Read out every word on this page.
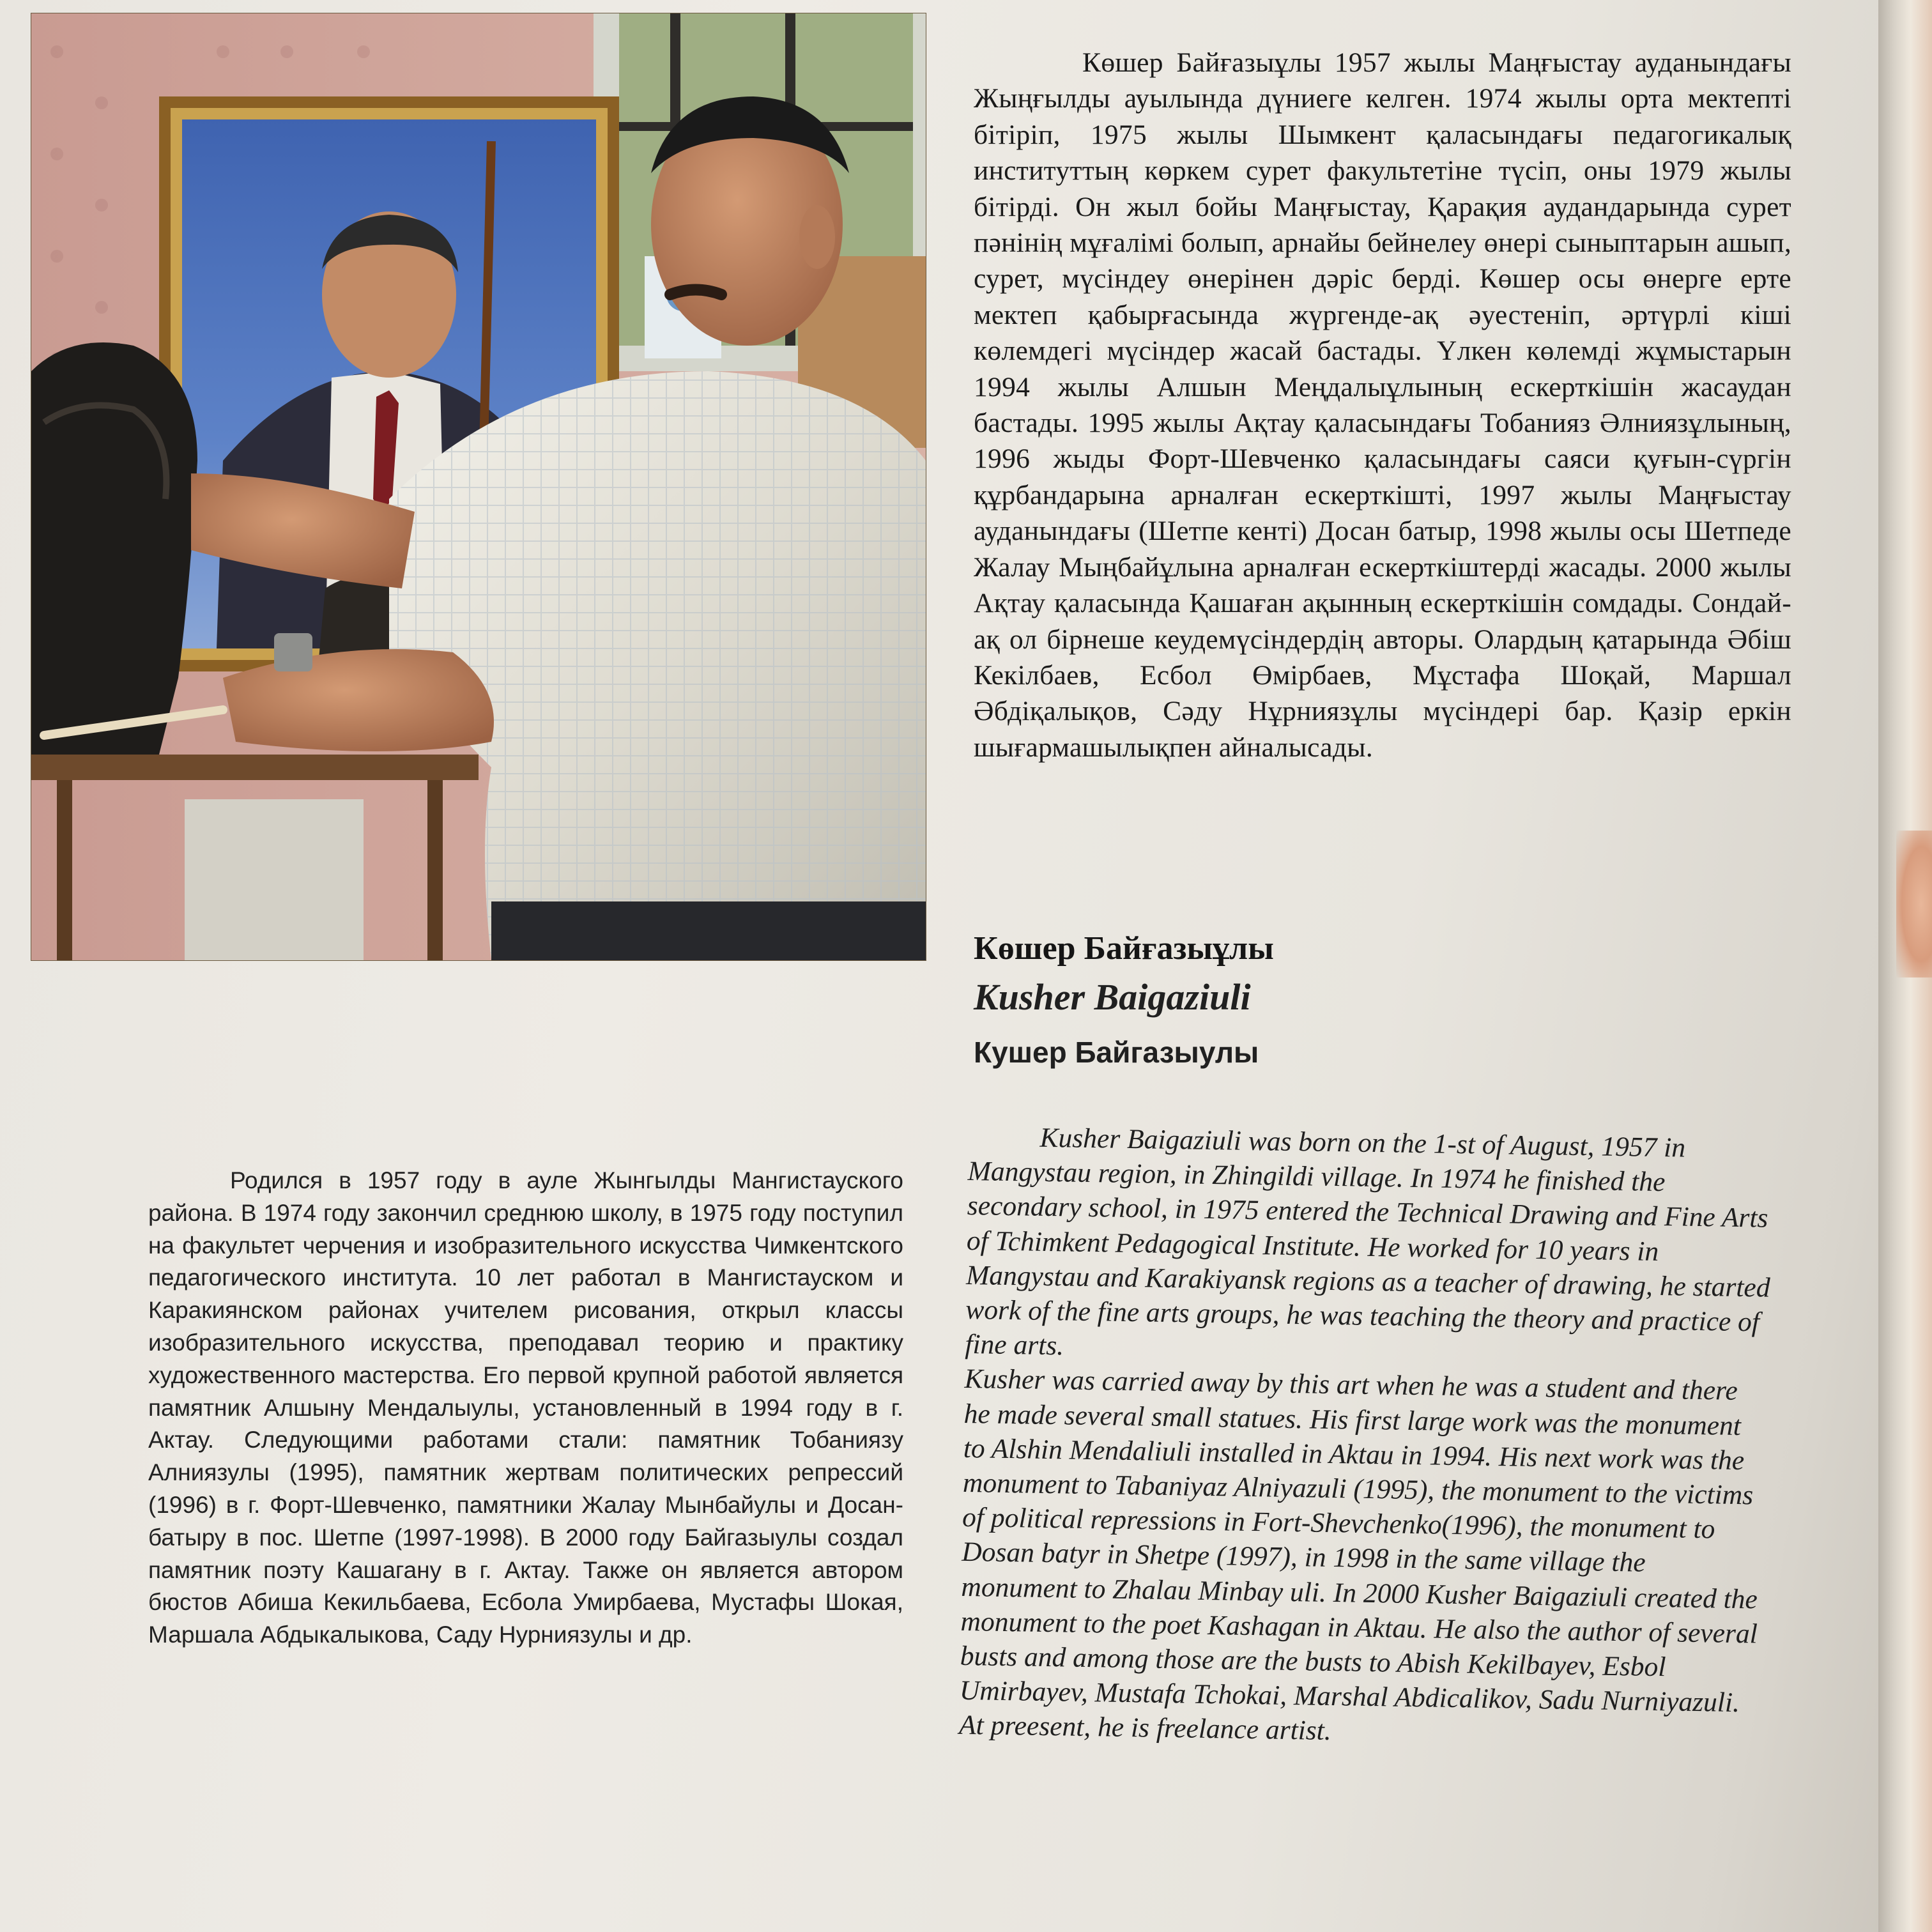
Көшер Байғазыұлы 1957 жылы Маңғыстау ауданындағы Жыңғылды ауылында дүниеге келген. 1974 жылы орта мектепті бітіріп, 1975 жылы Шымкент қаласындағы педагогикалық институттың көркем сурет факультетіне түсіп, оны 1979 жылы бітірді. Он жыл бойы Маңғыстау, Қарақия аудандарында сурет пәнінің мұғалімі болып, арнайы бейнелеу өнері сыныптарын ашып, сурет, мүсіндеу өнерінен дәріс берді. Көшер осы өнерге ерте мектеп қабырғасында жүргенде-ақ әуестеніп, әртүрлі кіші көлемдегі мүсіндер жасай бастады. Үлкен көлемді жұмыстарын 1994 жылы Алшын Меңдалыұлының ескерткішін жасаудан бастады. 1995 жылы Ақтау қаласындағы Тобанияз Әлниязұлының, 1996 жыды Форт-Шевченко қаласындағы саяси қуғын-сүргін құрбандарына арналған ескерткішті, 1997 жылы Маңғыстау ауданындағы (Шетпе кенті) Досан батыр, 1998 жылы осы Шетпеде Жалау Мыңбайұлына арналған ескерткіштерді жасады. 2000 жылы Ақтау қаласында Қашаған ақынның ескерткішін сомдады. Сондай-ақ ол бірнеше кеудемүсіндердің авторы. Олардың қатарында Әбіш Кекілбаев, Есбол Өмірбаев, Мұстафа Шоқай, Маршал Әбдіқалықов, Сәду Нұрниязұлы мүсіндері бар. Қазір еркін шығармашылықпен айналысады.
Көшер Байғазыұлы
Kusher Baigaziuli
Кушер Байгазыулы
Родился в 1957 году в ауле Жынгылды Мангистауского района. В 1974 году закончил среднюю школу, в 1975 году поступил на факультет черчения и изобразительного искусства Чимкентского педагогического института. 10 лет работал в Мангистауском и Каракиянском районах учителем рисования, открыл классы изобразительного искусства, преподавал теорию и практику художественного мастерства. Его первой крупной работой является памятник Алшыну Мендалыулы, установленный в 1994 году в г. Актау. Следующими работами стали: памятник Тобаниязу Алниязулы (1995), памятник жертвам политических репрессий (1996) в г. Форт-Шевченко, памятники Жалау Мынбайулы и Досан-батыру в пос. Шетпе (1997-1998). В 2000 году Байгазыулы создал памятник поэту Кашагану в г. Актау. Также он является автором бюстов Абиша Кекильбаева, Есбола Умирбаева, Мустафы Шокая, Маршала Абдыкалыкова, Саду Нурниязулы и др.
Kusher Baigaziuli was born on the 1-st of August, 1957 in Mangystau region, in Zhingildi village. In 1974 he finished the secondary school, in 1975 entered the Technical Drawing and Fine Arts of Tchimkent Pedagogical Institute. He worked for 10 years in Mangystau and Karakiyansk regions as a teacher of drawing, he started work of the fine arts groups, he was teaching the theory and practice of fine arts.
Kusher was carried away by this art when he was a student and there he made several small statues. His first large work was the monument to Alshin Mendaliuli installed in Aktau in 1994. His next work was the monument to Tabaniyaz Alniyazuli (1995), the monument to the victims of political repressions in Fort-Shevchenko(1996), the monument to Dosan batyr in Shetpe (1997), in 1998 in the same village the monument to Zhalau Minbay uli. In 2000 Kusher Baigaziuli created the monument to the poet Kashagan in Aktau. He also the author of several busts and among those are the busts to Abish Kekilbayev, Esbol Umirbayev, Mustafa Tchokai, Marshal Abdicalikov, Sadu Nurniyazuli.
At preesent, he is freelance artist.
